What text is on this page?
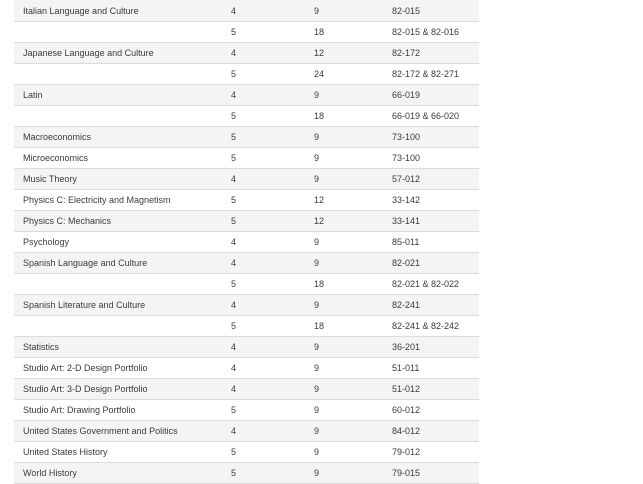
Italian Language and Culture	4	9	82-015
	5	18	82-015 & 82-016
Japanese Language and Culture	4	12	82-172
	5	24	82-172 & 82-271
Latin	4	9	66-019
	5	18	66-019 & 66-020
Macroeconomics	5	9	73-100
Microeconomics	5	9	73-100
Music Theory	4	9	57-012
Physics C: Electricity and Magnetism	5	12	33-142
Physics C: Mechanics	5	12	33-141
Psychology	4	9	85-011
Spanish Language and Culture	4	9	82-021
	5	18	82-021 & 82-022
Spanish Literature and Culture	4	9	82-241
	5	18	82-241 & 82-242
Statistics	4	9	36-201
Studio Art: 2-D Design Portfolio	4	9	51-011
Studio Art: 3-D Design Portfolio	4	9	51-012
Studio Art: Drawing Portfolio	5	9	60-012
United States Government and Politics	4	9	84-012
United States History	5	9	79-012
World History	5	9	79-015
